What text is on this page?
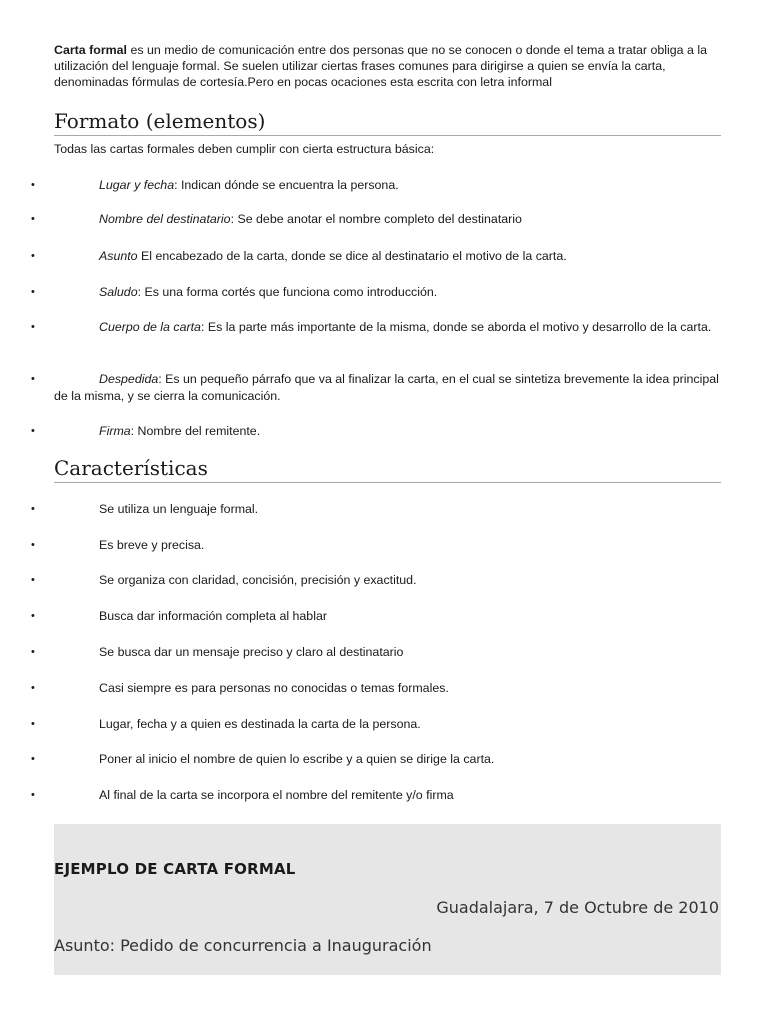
Carta formal es un medio de comunicación entre dos personas que no se conocen o donde el tema a tratar obliga a la utilización del lenguaje formal. Se suelen utilizar ciertas frases comunes para dirigirse a quien se envía la carta, denominadas fórmulas de cortesía.Pero en pocas ocaciones esta escrita con letra informal

Formato (elementos)

Todas las cartas formales deben cumplir con cierta estructura básica:

•	Lugar y fecha: Indican dónde se encuentra la persona.

•	Nombre del destinatario: Se debe anotar el nombre completo del destinatario

•	Asunto El encabezado de la carta, donde se dice al destinatario el motivo de la carta.

•	Saludo: Es una forma cortés que funciona como introducción.

•	Cuerpo de la carta: Es la parte más importante de la misma, donde se aborda el motivo y desarrollo de la carta.

•	Despedida: Es un pequeño párrafo que va al finalizar la carta, en el cual se sintetiza brevemente la idea principal de la misma, y se cierra la comunicación.

•	Firma: Nombre del remitente.

Características
•	Se utiliza un lenguaje formal.

•	Es breve y precisa.

•	Se organiza con claridad, concisión, precisión y exactitud.

•	Busca dar información completa al hablar

•	Se busca dar un mensaje preciso y claro al destinatario

•	Casi siempre es para personas no conocidas o temas formales.

•	Lugar, fecha y a quien es destinada la carta de la persona.

•	Poner al inicio el nombre de quien lo escribe y a quien se dirige la carta.

•	Al final de la carta se incorpora el nombre del remitente y/o firma

EJEMPLO DE CARTA FORMAL
Guadalajara, 7 de Octubre de 2010
Asunto: Pedido de concurrencia a Inauguración
